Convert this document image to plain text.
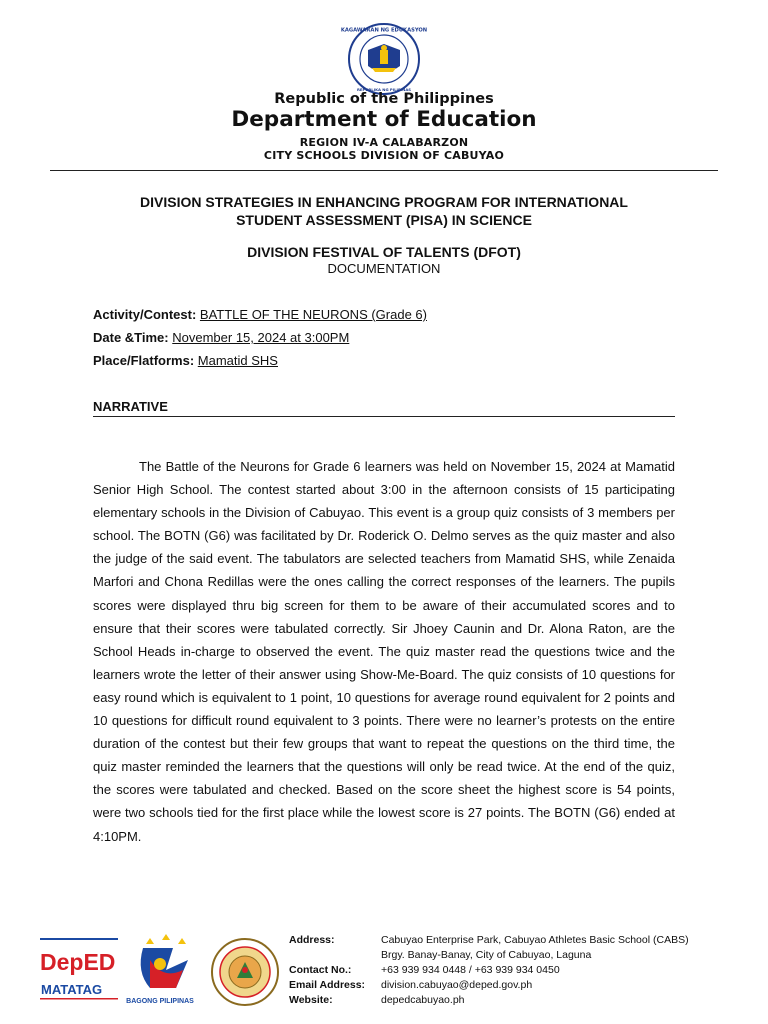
KAGAWARAN NG EDUKASYON
REPUBLIKA NG PILIPINAS
Republic of the Philippines
Department of Education
REGION IV-A CALABARZON
CITY SCHOOLS DIVISION OF CABUYAO
DIVISION STRATEGIES IN ENHANCING PROGRAM FOR INTERNATIONAL
STUDENT ASSESSMENT (PISA) IN SCIENCE
DIVISION FESTIVAL OF TALENTS (DFOT)
DOCUMENTATION
Activity/Contest: BATTLE OF THE NEURONS (Grade 6)
Date &Time: November 15, 2024 at 3:00PM
Place/Flatforms: Mamatid SHS
NARRATIVE

The Battle of the Neurons for Grade 6 learners was held on November 15, 2024 at Mamatid Senior High School. The contest started about 3:00 in the afternoon consists of 15 participating elementary schools in the Division of Cabuyao. This event is a group quiz consists of 3 members per school. The BOTN (G6) was facilitated by Dr. Roderick O. Delmo serves as the quiz master and also the judge of the said event. The tabulators are selected teachers from Mamatid SHS, while Zenaida Marfori and Chona Redillas were the ones calling the correct responses of the learners. The pupils scores were displayed thru big screen for them to be aware of their accumulated scores and to ensure that their scores were tabulated correctly. Sir Jhoey Caunin and Dr. Alona Raton, are the School Heads in-charge to observed the event. The quiz master read the questions twice and the learners wrote the letter of their answer using Show-Me-Board. The quiz consists of 10 questions for easy round which is equivalent to 1 point, 10 questions for average round equivalent for 2 points and 10 questions for difficult round equivalent to 3 points. There were no learner’s protests on the entire duration of the contest but their few groups that want to repeat the questions on the third time, the quiz master reminded the learners that the questions will only be read twice. At the end of the quiz, the scores were tabulated and checked. Based on the score sheet the highest score is 54 points, were two schools tied for the first place while the lowest score is 27 points. The BOTN (G6) ended at 4:10PM.

DepED
MATATAG
BAGONG PILIPINAS
Address:	Cabuyao Enterprise Park, Cabuyao Athletes Basic School (CABS)
Brgy. Banay-Banay, City of Cabuyao, Laguna
Contact No.:	+63 939 934 0448 / +63 939 934 0450
Email Address: division.cabuyao@deped.gov.ph
Website:	depedcabuyao.ph
